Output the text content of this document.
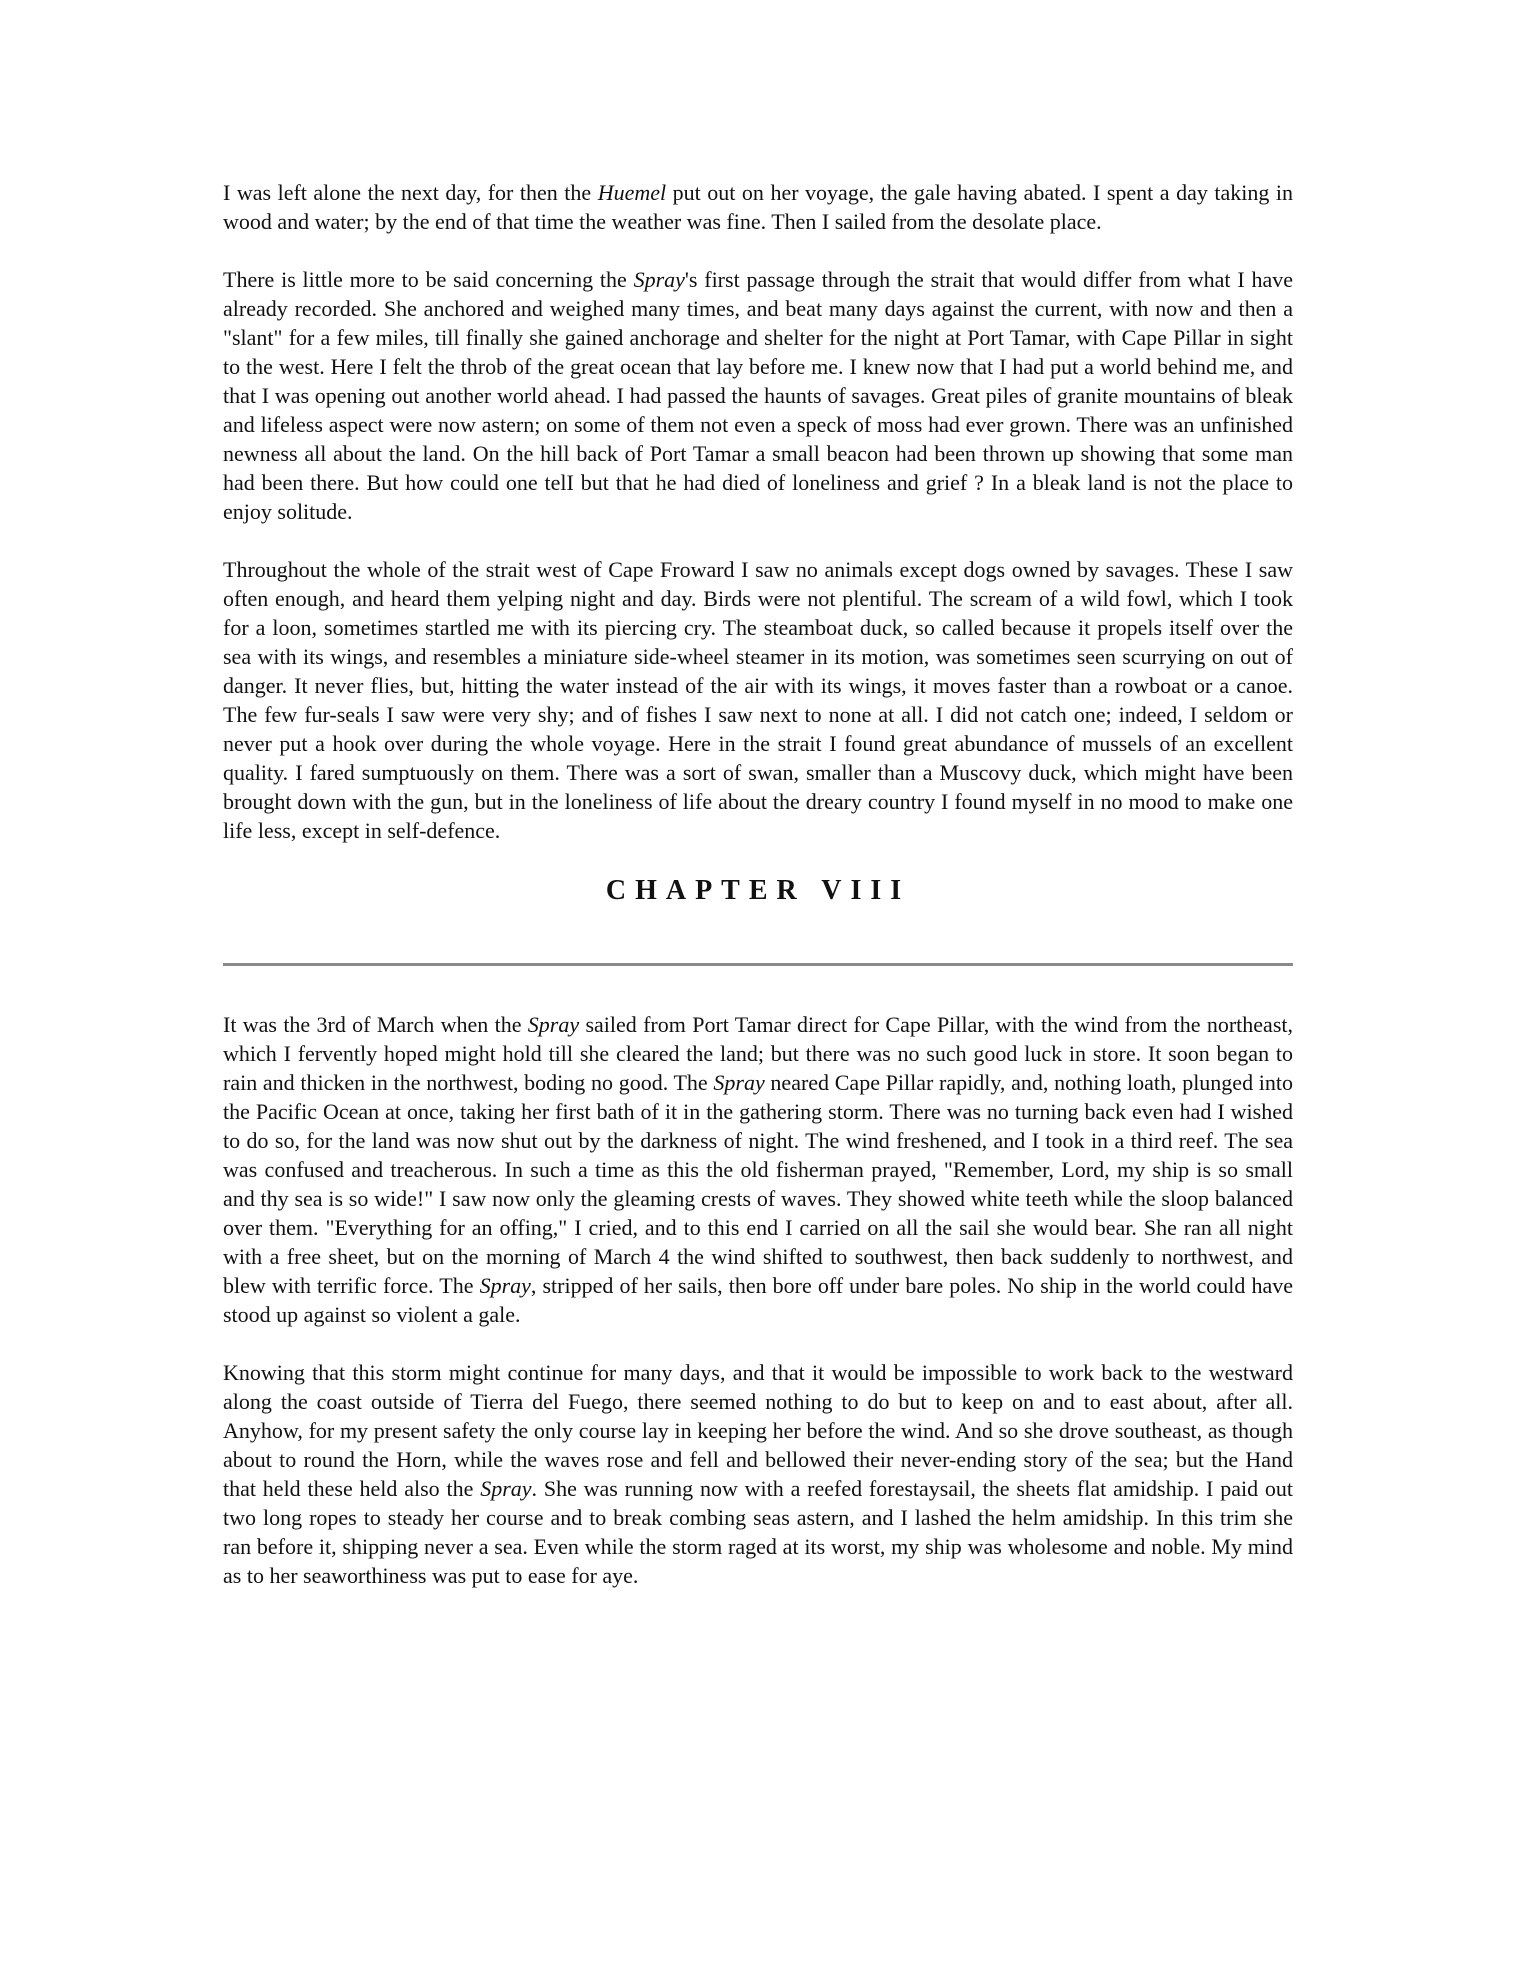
I was left alone the next day, for then the Huemel put out on her voyage, the gale having abated. I spent a day taking in wood and water; by the end of that time the weather was fine. Then I sailed from the desolate place.

There is little more to be said concerning the Spray's first passage through the strait that would differ from what I have already recorded. She anchored and weighed many times, and beat many days against the current, with now and then a "slant" for a few miles, till finally she gained anchorage and shelter for the night at Port Tamar, with Cape Pillar in sight to the west. Here I felt the throb of the great ocean that lay before me. I knew now that I had put a world behind me, and that I was opening out another world ahead. I had passed the haunts of savages. Great piles of granite mountains of bleak and lifeless aspect were now astern; on some of them not even a speck of moss had ever grown. There was an unfinished newness all about the land. On the hill back of Port Tamar a small beacon had been thrown up showing that some man had been there. But how could one telI but that he had died of loneliness and grief ? In a bleak land is not the place to enjoy solitude.

Throughout the whole of the strait west of Cape Froward I saw no animals except dogs owned by savages. These I saw often enough, and heard them yelping night and day. Birds were not plentiful. The scream of a wild fowl, which I took for a loon, sometimes startled me with its piercing cry. The steamboat duck, so called because it propels itself over the sea with its wings, and resembles a miniature side-wheel steamer in its motion, was sometimes seen scurrying on out of danger. It never flies, but, hitting the water instead of the air with its wings, it moves faster than a rowboat or a canoe. The few fur-seals I saw were very shy; and of fishes I saw next to none at all. I did not catch one; indeed, I seldom or never put a hook over during the whole voyage. Here in the strait I found great abundance of mussels of an excellent quality. I fared sumptuously on them. There was a sort of swan, smaller than a Muscovy duck, which might have been brought down with the gun, but in the loneliness of life about the dreary country I found myself in no mood to make one life less, except in self-defence.

CHAPTER VIII

It was the 3rd of March when the Spray sailed from Port Tamar direct for Cape Pillar, with the wind from the northeast, which I fervently hoped might hold till she cleared the land; but there was no such good luck in store. It soon began to rain and thicken in the northwest, boding no good. The Spray neared Cape Pillar rapidly, and, nothing loath, plunged into the Pacific Ocean at once, taking her first bath of it in the gathering storm. There was no turning back even had I wished to do so, for the land was now shut out by the darkness of night. The wind freshened, and I took in a third reef. The sea was confused and treacherous. In such a time as this the old fisherman prayed, "Remember, Lord, my ship is so small and thy sea is so wide!" I saw now only the gleaming crests of waves. They showed white teeth while the sloop balanced over them. "Everything for an offing," I cried, and to this end I carried on all the sail she would bear. She ran all night with a free sheet, but on the morning of March 4 the wind shifted to southwest, then back suddenly to northwest, and blew with terrific force. The Spray, stripped of her sails, then bore off under bare poles. No ship in the world could have stood up against so violent a gale.

Knowing that this storm might continue for many days, and that it would be impossible to work back to the westward along the coast outside of Tierra del Fuego, there seemed nothing to do but to keep on and to east about, after all. Anyhow, for my present safety the only course lay in keeping her before the wind. And so she drove southeast, as though about to round the Horn, while the waves rose and fell and bellowed their never-ending story of the sea; but the Hand that held these held also the Spray. She was running now with a reefed forestaysail, the sheets flat amidship. I paid out two long ropes to steady her course and to break combing seas astern, and I lashed the helm amidship. In this trim she ran before it, shipping never a sea. Even while the storm raged at its worst, my ship was wholesome and noble. My mind as to her seaworthiness was put to ease for aye.
